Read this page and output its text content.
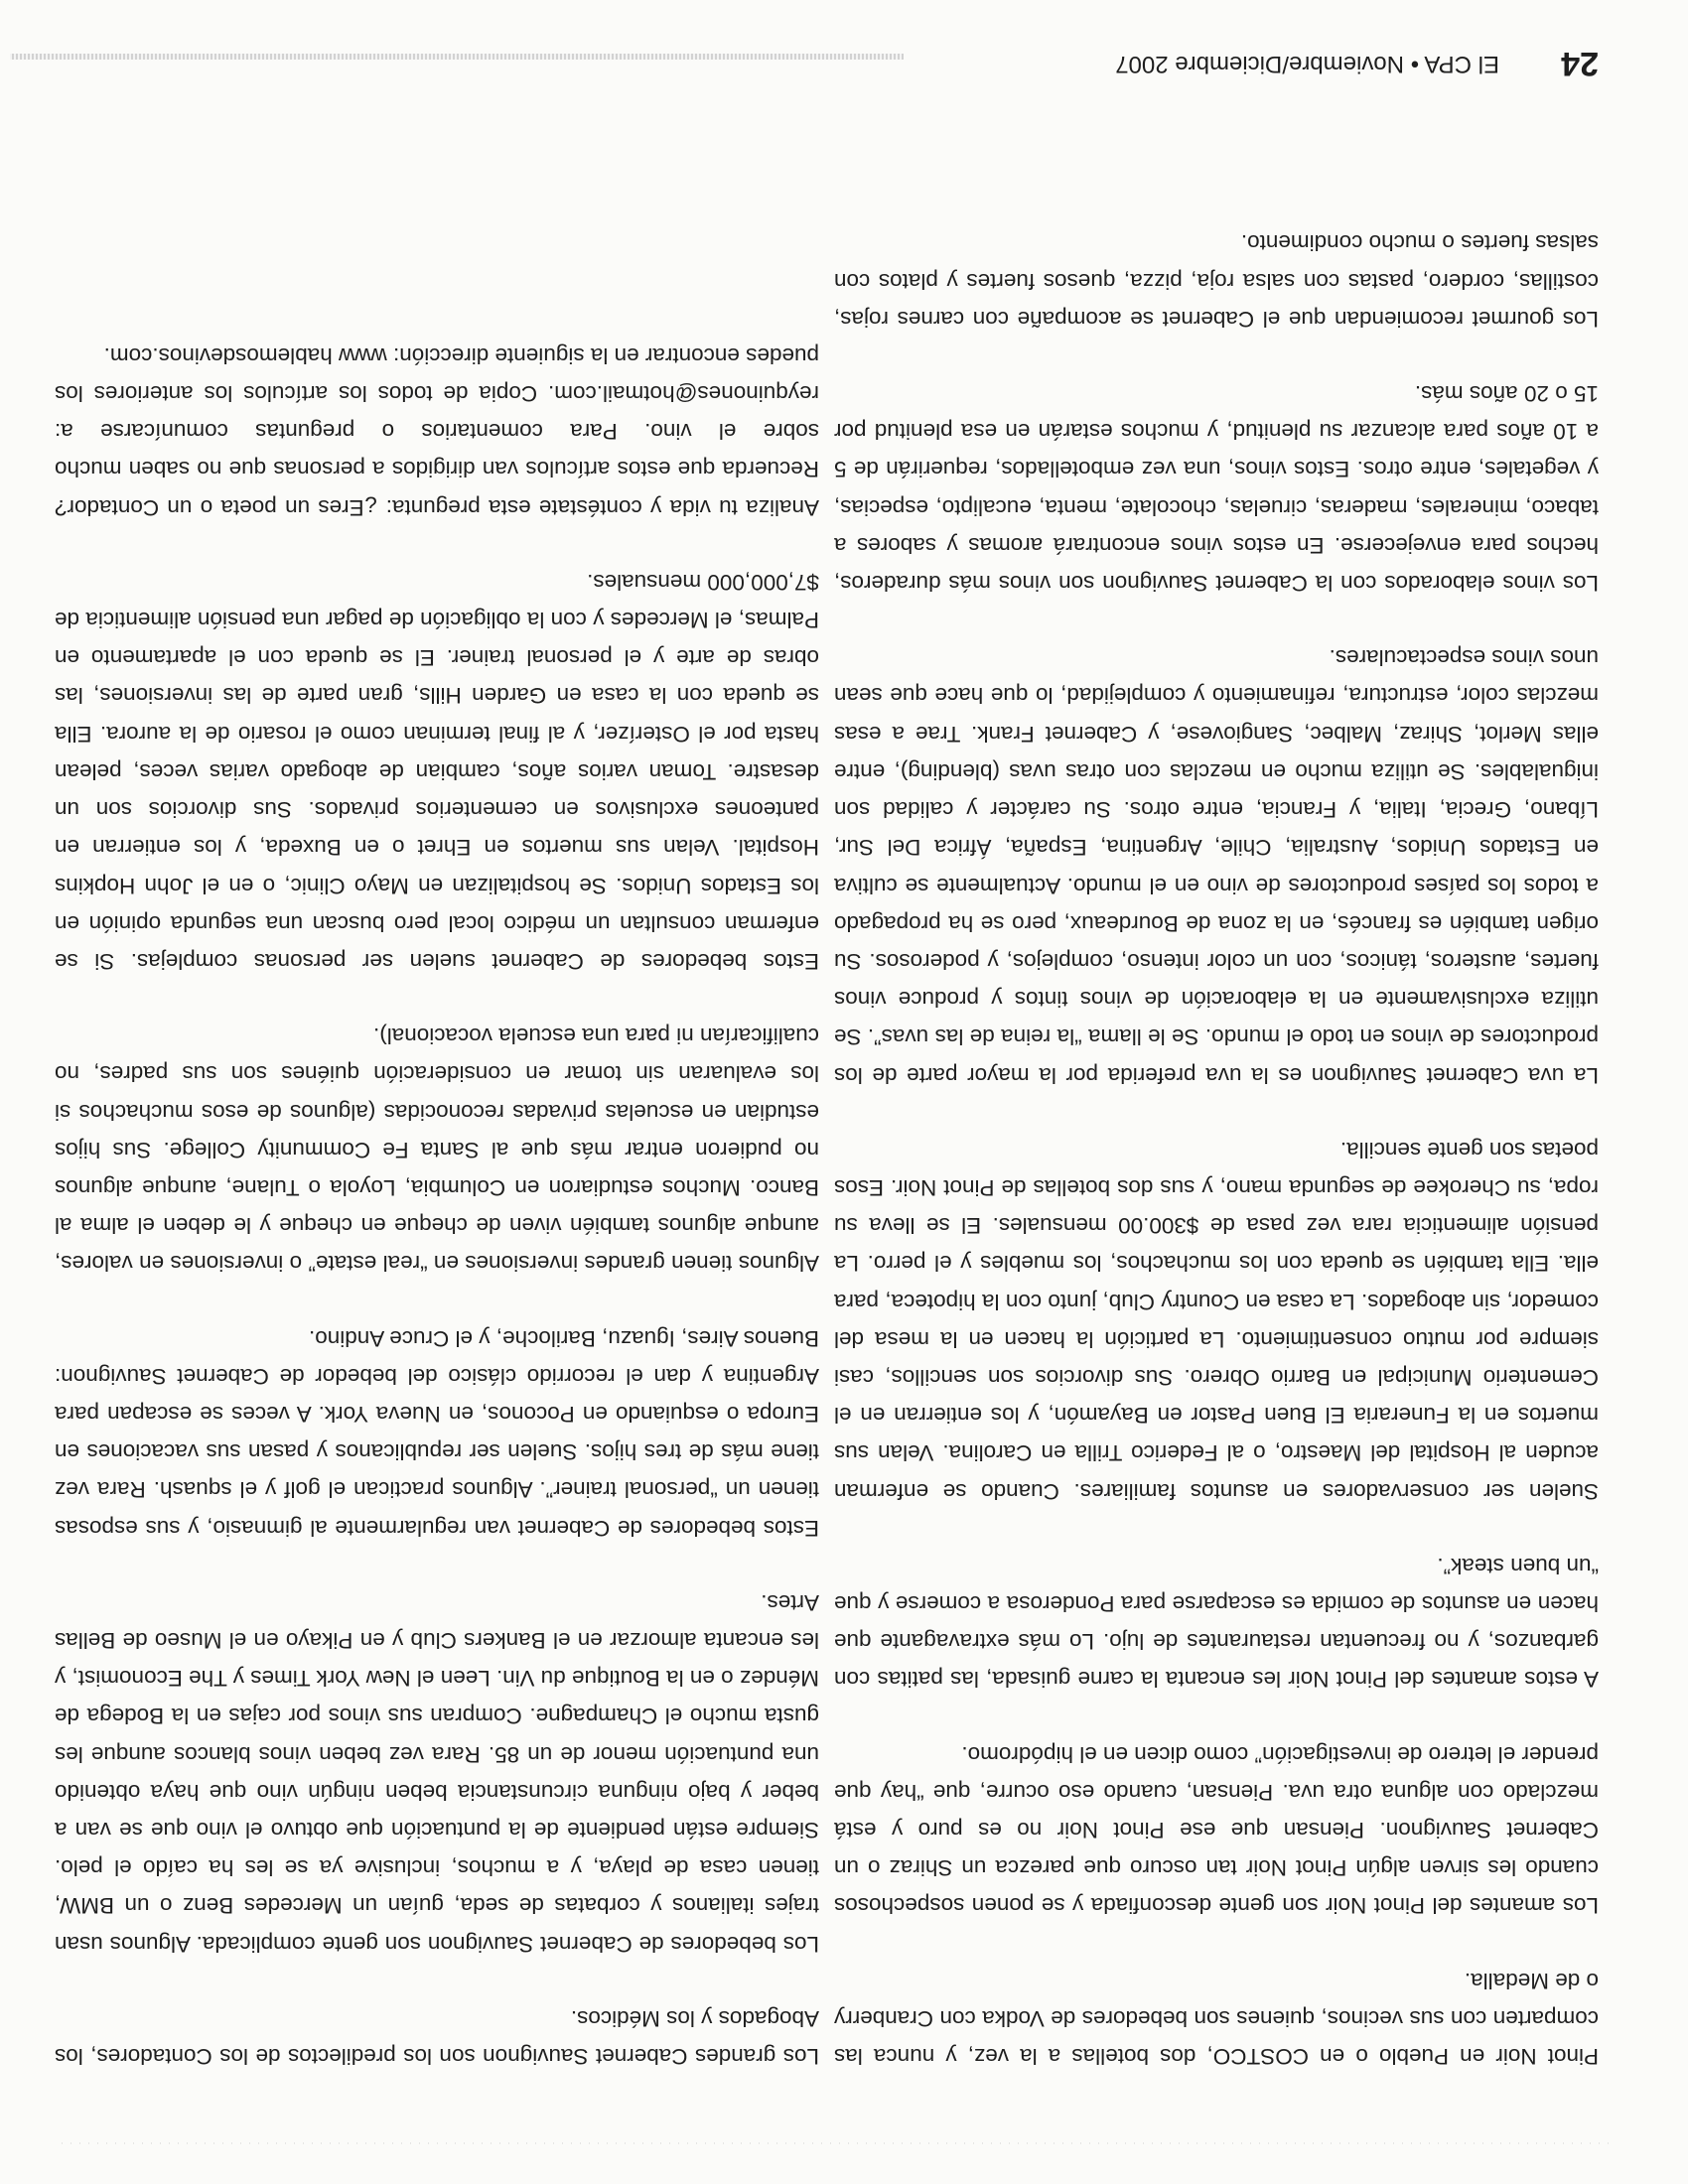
Pinot Noir en Pueblo o en COSTCO, dos botellas a la vez, y nunca las comparten con sus vecinos, quienes son bebedores de Vodka con Cranberry o de Medalla.

Los amantes del Pinot Noir son gente desconfiada y se ponen sospechosos cuando les sirven algún Pinot Noir tan oscuro que parezca un Shiraz o un Cabernet Sauvignon. Piensan que ese Pinot Noir no es puro y está mezclado con alguna otra uva. Piensan, cuando eso ocurre, que “hay que prender el letrero de investigación” como dicen en el hipódromo.

A estos amantes del Pinot Noir les encanta la carne guisada, las patitas con garbanzos, y no frecuentan restaurantes de lujo. Lo más extravagante que hacen en asuntos de comida es escaparse para Ponderosa a comerse y que “un buen steak”.

Suelen ser conservadores en asuntos familiares. Cuando se enferman acuden al Hospital del Maestro, o al Federico Trilla en Carolina. Velan sus muertos en la Funeraria El Buen Pastor en Bayamón, y los entierran en el Cementerio Municipal en Barrio Obrero. Sus divorcios son sencillos, casi siempre por mutuo consentimiento. La partición la hacen en la mesa del comedor, sin abogados. La casa en Country Club, junto con la hipoteca, para ella. Ella también se queda con los muchachos, los muebles y el perro. La pensión alimenticia rara vez pasa de $300.00 mensuales. El se lleva su ropa, su Cherokee de segunda mano, y sus dos botellas de Pinot Noir. Esos poetas son gente sencilla.

La uva Cabernet Sauvignon es la uva preferida por la mayor parte de los productores de vinos en todo el mundo. Se le llama “la reina de las uvas”. Se utiliza exclusivamente en la elaboración de vinos tintos y produce vinos fuertes, austeros, tánicos, con un color intenso, complejos, y poderosos. Su origen también es francés, en la zona de Bourdeaux, pero se ha propagado a todos los países productores de vino en el mundo. Actualmente se cultiva en Estados Unidos, Australia, Chile, Argentina, España, África Del Sur, Líbano, Grecia, Italia, y Francia, entre otros. Su carácter y calidad son inigualables. Se utiliza mucho en mezclas con otras uvas (blending), entre ellas Merlot, Shiraz, Malbec, Sangiovese, y Cabernet Frank. Trae a esas mezclas color, estructura, refinamiento y complejidad, lo que hace que sean unos vinos espectaculares.

Los vinos elaborados con la Cabernet Sauvignon son vinos más duraderos, hechos para envejecerse. En estos vinos encontrará aromas y sabores a tabaco, minerales, maderas, ciruelas, chocolate, menta, eucalipto, especias, y vegetales, entre otros. Estos vinos, una vez embotellados, requerirán de 5 a 10 años para alcanzar su plenitud, y muchos estarán en esa plenitud por 15 o 20 años más.

Los gourmet recomiendan que el Cabernet se acompañe con carnes rojas, costillas, cordero, pastas con salsa roja, pizza, quesos fuertes y platos con salsas fuertes o mucho condimento.

Los grandes Cabernet Sauvignon son los predilectos de los Contadores, los Abogados y los Médicos.

Los bebedores de Cabernet Sauvignon son gente complicada. Algunos usan trajes italianos y corbatas de seda, guían un Mercedes Benz o un BMW, tienen casa de playa, y a muchos, inclusive ya se les ha caído el pelo. Siempre están pendiente de la puntuación que obtuvo el vino que se van a beber y bajo ninguna circunstancia beben ningún vino que haya obtenido una puntuación menor de un 85. Rara vez beben vinos blancos aunque les gusta mucho el Champagne. Compran sus vinos por cajas en la Bodega de Méndez o en la Boutique du Vin. Leen el New York Times y The Economist, y les encanta almorzar en el Bankers Club y en Pikayo en el Museo de Bellas Artes.

Estos bebedores de Cabernet van regularmente al gimnasio, y sus esposas tienen un “personal trainer”. Algunos practican el golf y el squash. Rara vez tiene más de tres hijos. Suelen ser republicanos y pasan sus vacaciones en Europa o esquiando en Poconos, en Nueva York. A veces se escapan para Argentina y dan el recorrido clásico del bebedor de Cabernet Sauvignon: Buenos Aires, Iguazu, Bariloche, y el Cruce Andino.

Algunos tienen grandes inversiones en “real estate” o inversiones en valores, aunque algunos también viven de cheque en cheque y le deben el alma al Banco. Muchos estudiaron en Columbia, Loyola o Tulane, aunque algunos no pudieron entrar más que al Santa Fe Community College. Sus hijos estudian en escuelas privadas reconocidas (algunos de esos muchachos si los evaluaran sin tomar en consideración quiénes son sus padres, no cualificarían ni para una escuela vocacional).

Estos bebedores de Cabernet suelen ser personas complejas. Si se enferman consultan un médico local pero buscan una segunda opinión en los Estados Unidos. Se hospitalizan en Mayo Clinic, o en el John Hopkins Hospital. Velan sus muertos en Ehret o en Buxeda, y los entierran en panteones exclusivos en cementerios privados. Sus divorcios son un desastre. Toman varios años, cambian de abogado varias veces, pelean hasta por el Osterízer, y al final terminan como el rosario de la aurora. Ella se queda con la casa en Garden Hills, gran parte de las inversiones, las obras de arte y el personal trainer. El se queda con el apartamento en Palmas, el Mercedes y con la obligación de pagar una pensión alimenticia de $7,000,000 mensuales.

Analiza tu vida y contéstate esta pregunta: ¿Eres un poeta o un Contador? Recuerda que estos artículos van dirigidos a personas que no saben mucho sobre el vino. Para comentarios o preguntas comunícarse a: reyquinones@hotmail.com. Copia de todos los artículos los anteriores los puedes encontrar en la siguiente dirección: www hablemosdevinos.com.

24
El CPA • Noviembre/Diciembre 2007
